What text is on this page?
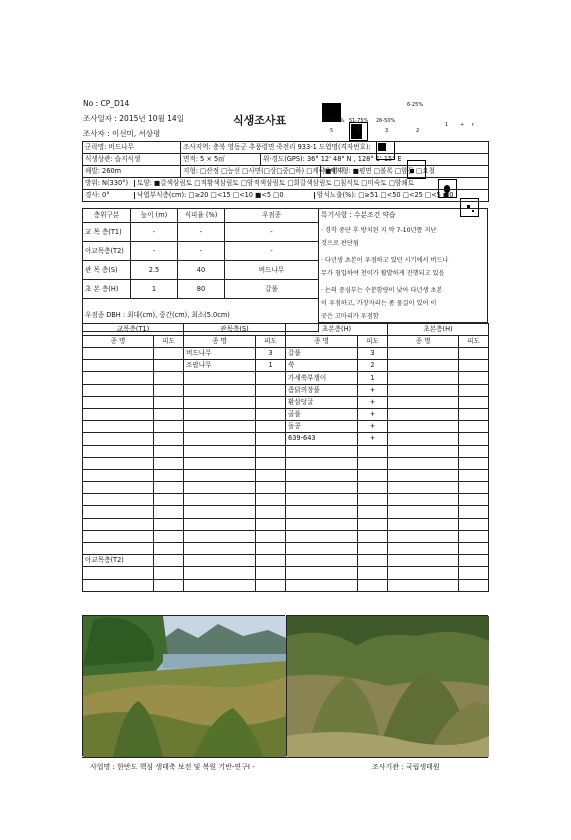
No : CP_D14
조사일자 : 2015년 10월 14일	식생조사표
조사자 : 이선미, 서상평
76-100% 51-75% 26-50%
6-25%
5	4	3	2
1 + r
군락명: 버드나무	조사지역: 충북 영동군 추풍령면 죽전리 933-1 도엽명(격자번호):		
식생상관: 습지식생	면적: 5 × 5㎡	위·경도(GPS): 36° 12' 48" N , 128° 1' 15" E	
해발: 260m	지형: □산정 □능선 □사면(□상□중□하) □계곡■평지		미세지형: ■평면 □볼록 □함몰 □요철
방위: N(330°) 토양: ■갈색삼림토 □적황색삼림토 □암적색삼림토 □회갈색삼림토 □침식토 □미숙토 □암쇄토			
경사: 0° 낙엽부식층(cm): □≥20 □<15 □<10 ■<5 □0 암석노출(%): □≥51 □<50 □<25 □<5 ■0			
층위구분	높이 (m)	식피율 (%)	우점종
교 목 층(T1)	-	-	-
아교목층(T2)	-	-	-
관 목 층(S)	2.5	40	버드나무
초 본 층(H)	1	80	갈풀
우점종 DBH : 최대(cm), 중간(cm), 최소(5.0cm)			
특기사항 : 수분조건 약습
· 경작 중단 후 방치된 지 약 7-10년쯤 지난
것으로 판단됨
· 다년생 초본이 우점하고 있던 시기에서 버드나
무가 침입하여 천이가 활발하게 진행되고 있음
· 논의 중심부는 수분함량이 낮아 다년생 초본
이 우점하고, 가장자리는 좀 물길이 있어 이
곳은 고마리가 우점함
교목층(T1)		관목층(S)		초본층(H)		초본층(H)	
종 명	피도	종 명	피도	종 명	피도	종 명	피도
		버드나무	3	갈풀	3		
		조팝나무	1	쑥	2		
				가세쑥부쟁이	1		
				좀닭의장풀	+		
				환삼덩굴	+		
				골풀	+		
				돌콩	+		
				639-643	+		

아교목층(T2)							

사업명 : 한반도 핵심 생태축 보전 및 복원 기반-연구Ⅰ -	조사기관 : 국립생태원
